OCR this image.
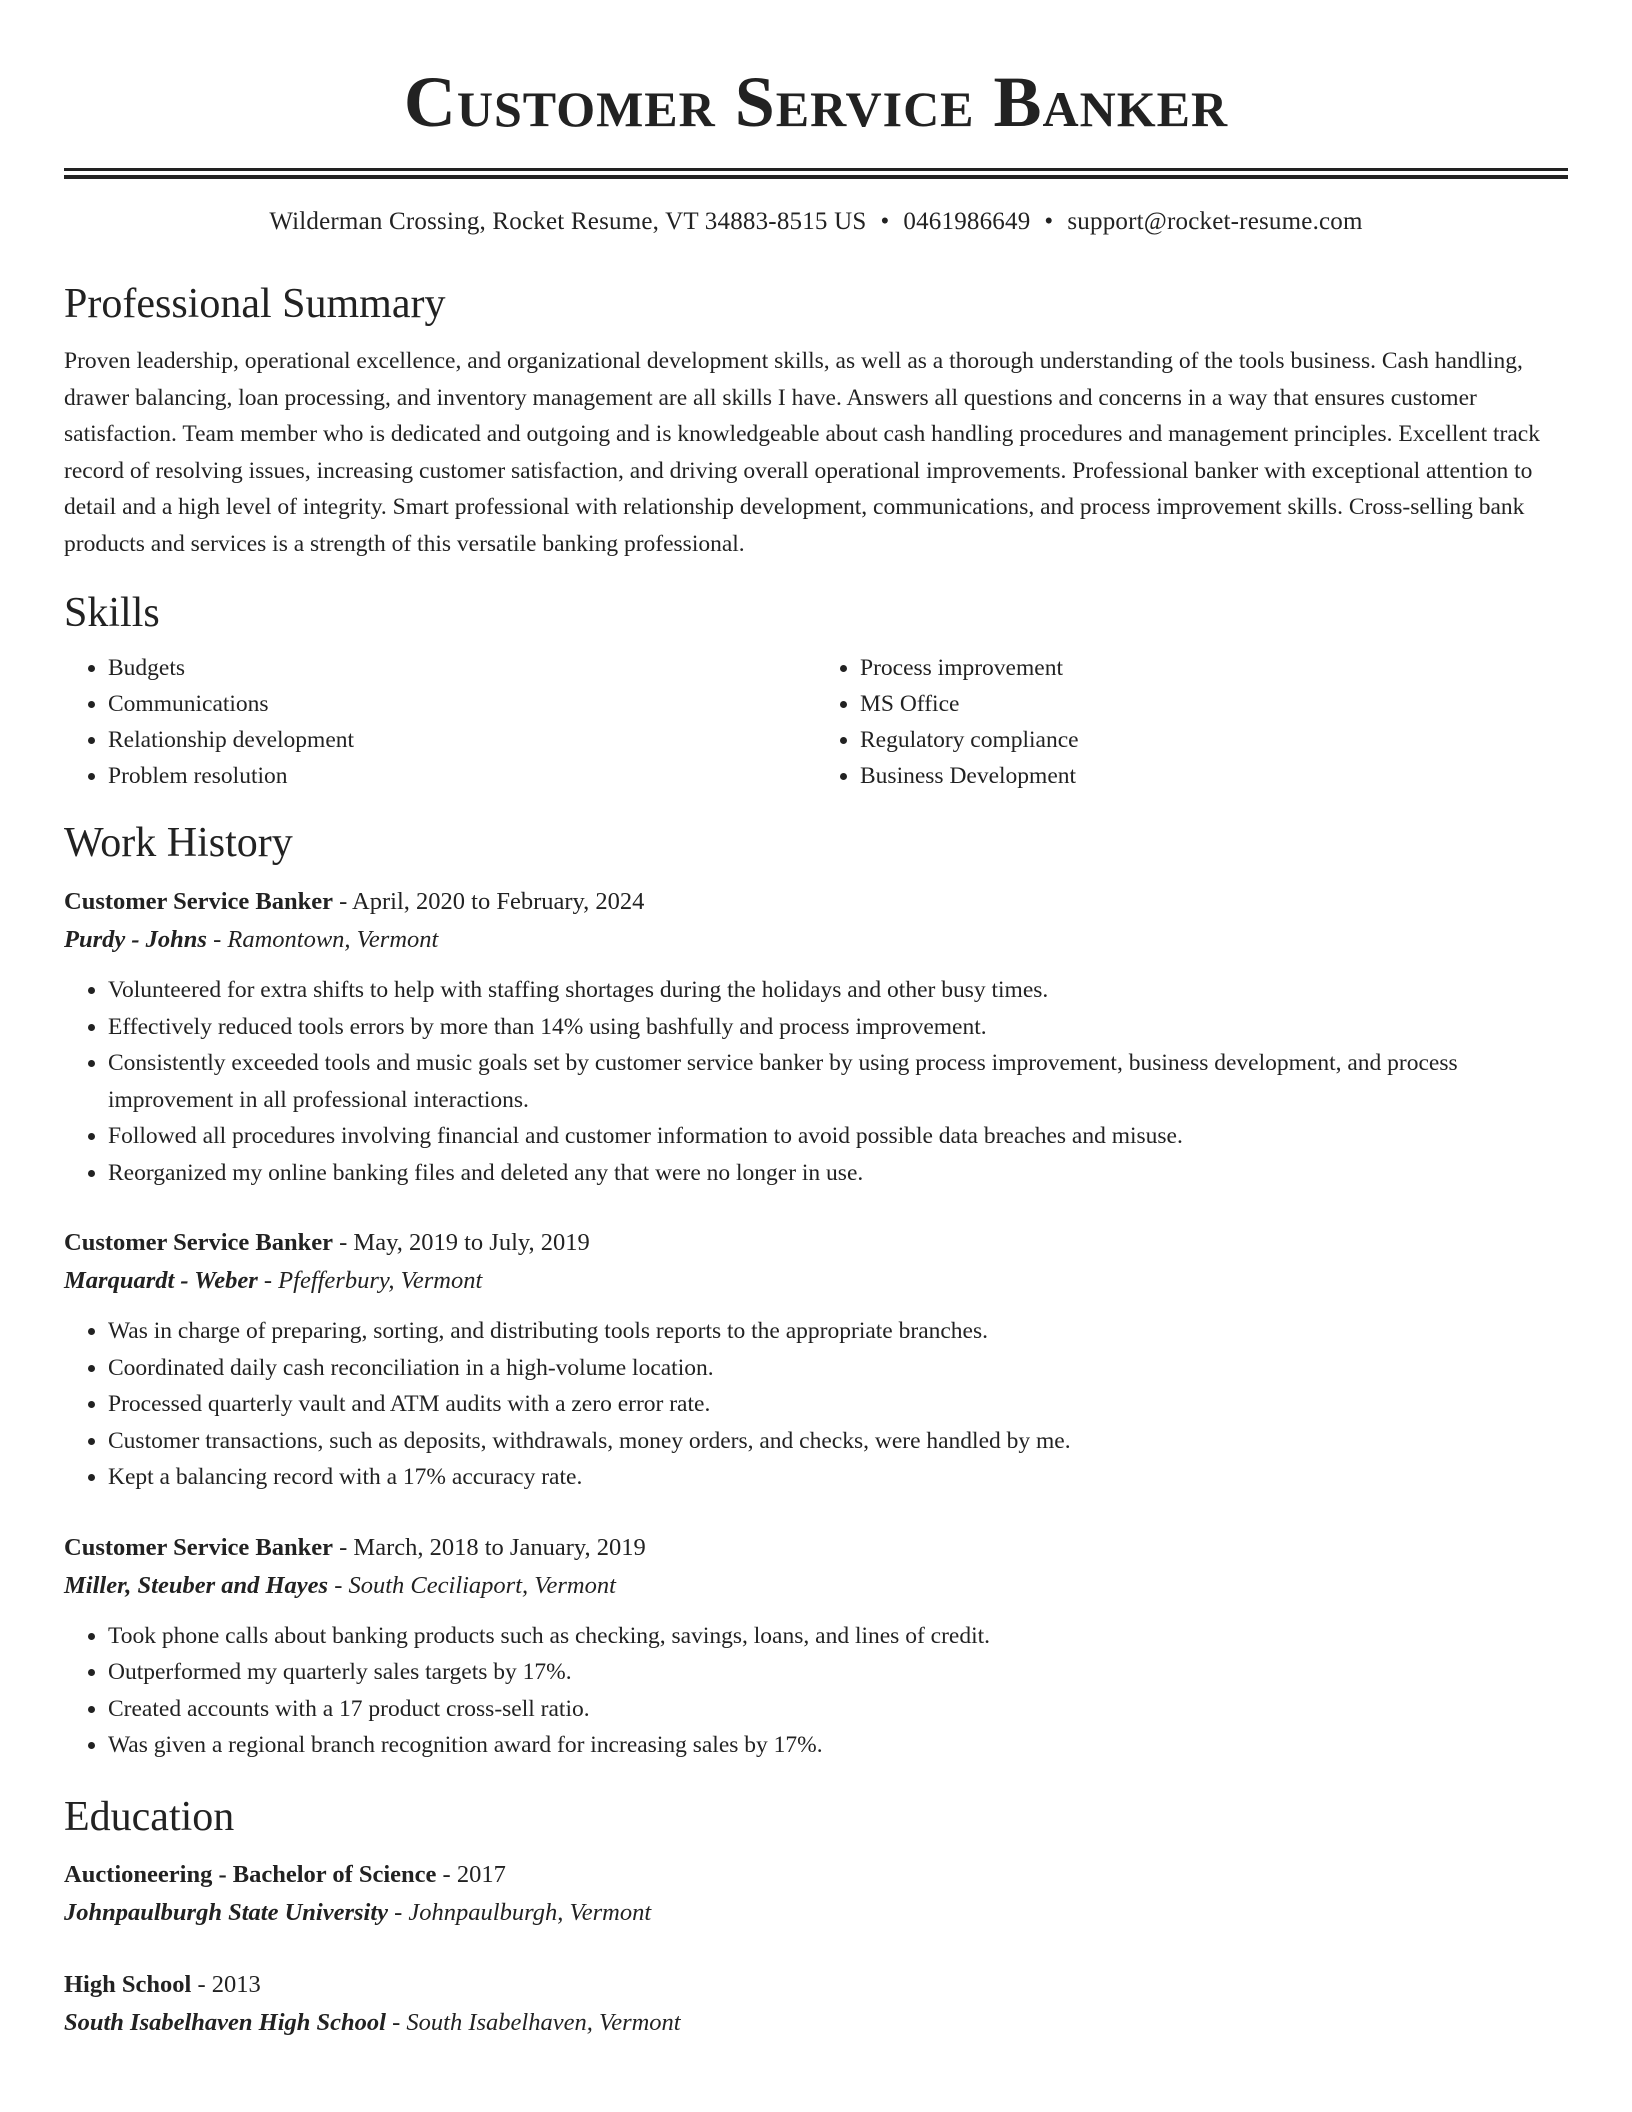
Customer Service Banker
Wilderman Crossing, Rocket Resume, VT 34883-8515 US • 0461986649 • support@rocket-resume.com
Professional Summary

Proven leadership, operational excellence, and organizational development skills, as well as a thorough understanding of the tools business. Cash handling, drawer balancing, loan processing, and inventory management are all skills I have. Answers all questions and concerns in a way that ensures customer satisfaction. Team member who is dedicated and outgoing and is knowledgeable about cash handling procedures and management principles. Excellent track record of resolving issues, increasing customer satisfaction, and driving overall operational improvements. Professional banker with exceptional attention to detail and a high level of integrity. Smart professional with relationship development, communications, and process improvement skills. Cross-selling bank products and services is a strength of this versatile banking professional.

Skills
• Budgets
• Communications
• Relationship development
• Problem resolution
• Process improvement
• MS Office
• Regulatory compliance
• Business Development
Work History
Customer Service Banker - April, 2020 to February, 2024
Purdy - Johns - Ramontown, Vermont
• Volunteered for extra shifts to help with staffing shortages during the holidays and other busy times.
• Effectively reduced tools errors by more than 14% using bashfully and process improvement.
• Consistently exceeded tools and music goals set by customer service banker by using process improvement, business development, and process improvement in all professional interactions.
• Followed all procedures involving financial and customer information to avoid possible data breaches and misuse.
• Reorganized my online banking files and deleted any that were no longer in use.
Customer Service Banker - May, 2019 to July, 2019
Marquardt - Weber - Pfefferbury, Vermont
• Was in charge of preparing, sorting, and distributing tools reports to the appropriate branches.
• Coordinated daily cash reconciliation in a high-volume location.
• Processed quarterly vault and ATM audits with a zero error rate.
• Customer transactions, such as deposits, withdrawals, money orders, and checks, were handled by me.
• Kept a balancing record with a 17% accuracy rate.
Customer Service Banker - March, 2018 to January, 2019
Miller, Steuber and Hayes - South Ceciliaport, Vermont
• Took phone calls about banking products such as checking, savings, loans, and lines of credit.
• Outperformed my quarterly sales targets by 17%.
• Created accounts with a 17 product cross-sell ratio.
• Was given a regional branch recognition award for increasing sales by 17%.
Education
Auctioneering - Bachelor of Science - 2017
Johnpaulburgh State University - Johnpaulburgh, Vermont
High School - 2013
South Isabelhaven High School - South Isabelhaven, Vermont
